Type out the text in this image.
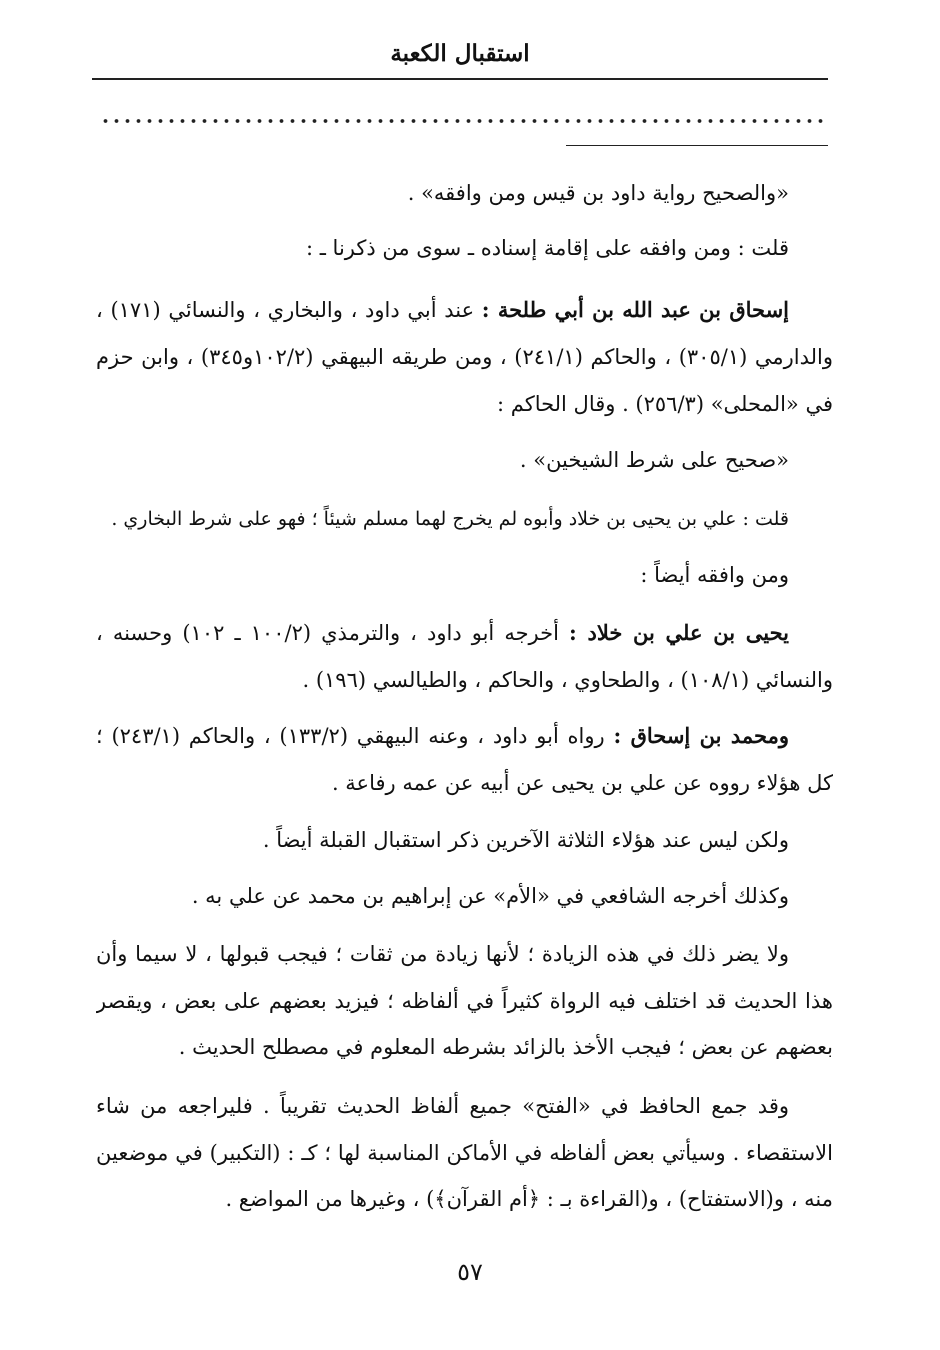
استقبال الكعبة
«والصحيح رواية داود بن قيس ومن وافقه» .
قلت : ومن وافقه على إقامة إسناده ـ سوى من ذكرنا ـ :
إسحاق بن عبد الله بن أبي طلحة : عند أبي داود ، والبخاري ، والنسائي (١٧١) ،
والدارمي (٣٠٥/١) ، والحاكم (٢٤١/١) ، ومن طريقه البيهقي (١٠٢/٢و٣٤٥) ، وابن حزم
في «المحلى» (٢٥٦/٣) . وقال الحاكم :
«صحيح على شرط الشيخين» .
قلت : علي بن يحيى بن خلاد وأبوه لم يخرج لهما مسلم شيئاً ؛ فهو على شرط البخاري .
ومن وافقه أيضاً :
يحيى بن علي بن خلاد : أخرجه أبو داود ، والترمذي (١٠٠/٢ ـ ١٠٢) وحسنه ،
والنسائي (١٠٨/١) ، والطحاوي ، والحاكم ، والطيالسي (١٩٦) .
ومحمد بن إسحاق : رواه أبو داود ، وعنه البيهقي (١٣٣/٢) ، والحاكم (٢٤٣/١) ؛
كل هؤلاء رووه عن علي بن يحيى عن أبيه عن عمه رفاعة .
ولكن ليس عند هؤلاء الثلاثة الآخرين ذكر استقبال القبلة أيضاً .
وكذلك أخرجه الشافعي في «الأم» عن إبراهيم بن محمد عن علي به .
ولا يضر ذلك في هذه الزيادة ؛ لأنها زيادة من ثقات ؛ فيجب قبولها ، لا سيما وأن
هذا الحديث قد اختلف فيه الرواة كثيراً في ألفاظه ؛ فيزيد بعضهم على بعض ، ويقصر
بعضهم عن بعض ؛ فيجب الأخذ بالزائد بشرطه المعلوم في مصطلح الحديث .
وقد جمع الحافظ في «الفتح» جميع ألفاظ الحديث تقريباً . فليراجعه من شاء
الاستقصاء . وسيأتي بعض ألفاظه في الأماكن المناسبة لها ؛ كـ : (التكبير) في موضعين
منه ، و(الاستفتاح) ، و(القراءة بـ : ﴿أم القرآن﴾) ، وغيرها من المواضع .
٥٧
